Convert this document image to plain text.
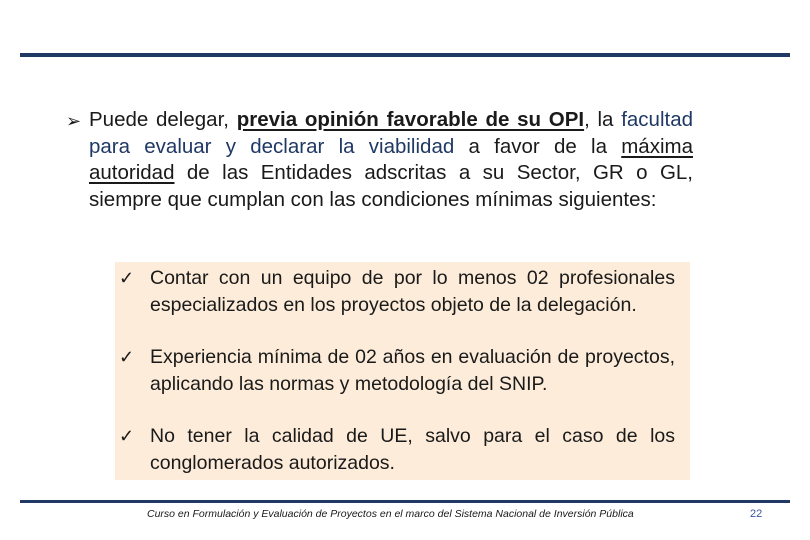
➢ Puede delegar, previa opinión favorable de su OPI, la facultad para evaluar y declarar la viabilidad a favor de la máxima autoridad de las Entidades adscritas a su Sector, GR o GL, siempre que cumplan con las condiciones mínimas siguientes:
✓ Contar con un equipo de por lo menos 02 profesionales especializados en los proyectos objeto de la delegación.
✓ Experiencia mínima de 02 años en evaluación de proyectos, aplicando las normas y metodología del SNIP.
✓ No tener la calidad de UE, salvo para el caso de los conglomerados autorizados.
Curso en Formulación y Evaluación de Proyectos en el marco del Sistema Nacional de Inversión Pública	22
